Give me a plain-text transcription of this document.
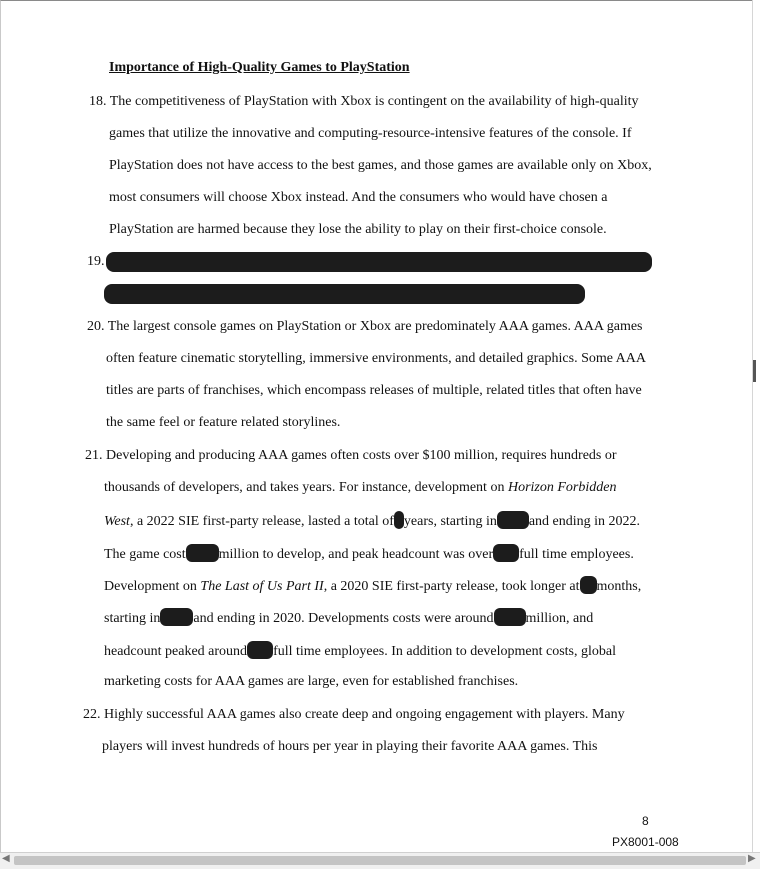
Importance of High-Quality Games to PlayStation
18. The competitiveness of PlayStation with Xbox is contingent on the availability of high-quality
games that utilize the innovative and computing-resource-intensive features of the console. If
PlayStation does not have access to the best games, and those games are available only on Xbox,
most consumers will choose Xbox instead. And the consumers who would have chosen a
PlayStation are harmed because they lose the ability to play on their first-choice console.
19.
20. The largest console games on PlayStation or Xbox are predominately AAA games. AAA games
often feature cinematic storytelling, immersive environments, and detailed graphics. Some AAA
titles are parts of franchises, which encompass releases of multiple, related titles that often have
the same feel or feature related storylines.
21. Developing and producing AAA games often costs over $100 million, requires hundreds or
thousands of developers, and takes years. For instance, development on Horizon Forbidden
West, a 2022 SIE first-party release, lasted a total of years, starting in and ending in 2022.
The game cost million to develop, and peak headcount was over full time employees.
Development on The Last of Us Part II, a 2020 SIE first-party release, took longer at months,
starting in and ending in 2020. Developments costs were around million, and
headcount peaked around full time employees. In addition to development costs, global
marketing costs for AAA games are large, even for established franchises.
22. Highly successful AAA games also create deep and ongoing engagement with players. Many
players will invest hundreds of hours per year in playing their favorite AAA games. This
8
PX8001-008
◀	▶
